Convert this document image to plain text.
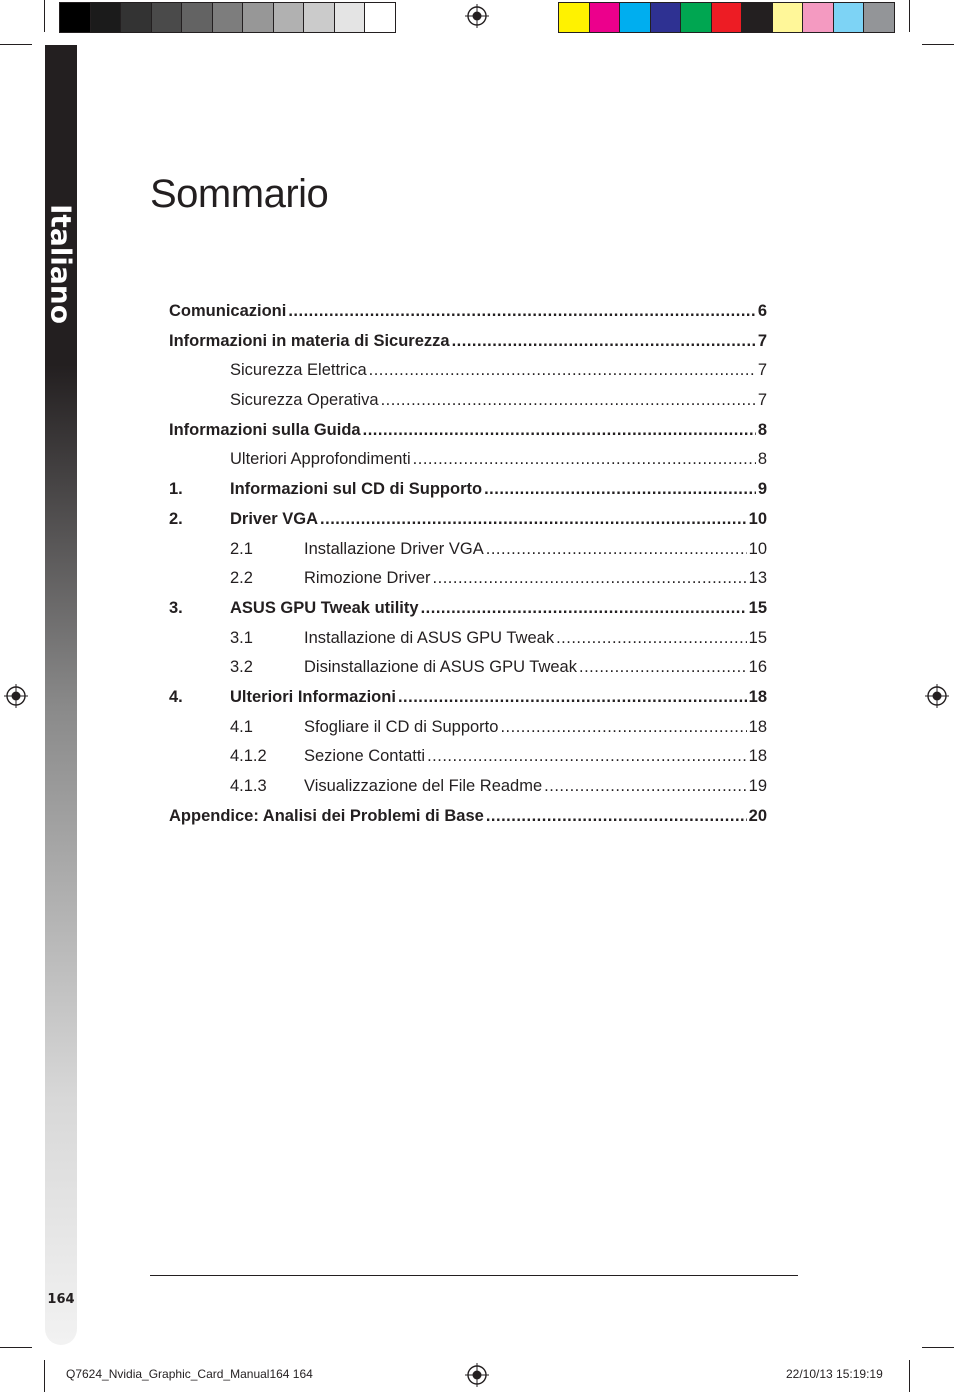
Italiano
164
Sommario
Comunicazioni .....	6
Informazioni in materia di Sicurezza .....	7
Sicurezza Elettrica .....	7
Sicurezza Operativa .....	7
Informazioni sulla Guida .....	8
Ulteriori Approfondimenti .....	8
1.	Informazioni sul CD di Supporto .....	9
2.	Driver VGA .....	10
2.1	Installazione Driver VGA .....	10
2.2	Rimozione Driver .....	13
3.	ASUS GPU Tweak utility .....	15
3.1	Installazione di ASUS GPU Tweak .....	15
3.2	Disinstallazione di ASUS GPU Tweak .....	16
4.	Ulteriori Informazioni .....	18
4.1	Sfogliare il CD di Supporto .....	18
4.1.2	Sezione Contatti .....	18
4.1.3	Visualizzazione del File Readme .....	19
Appendice: Analisi dei Problemi di Base .....	20
Q7624_Nvidia_Graphic_Card_Manual164 164	22/10/13 15:19:19
